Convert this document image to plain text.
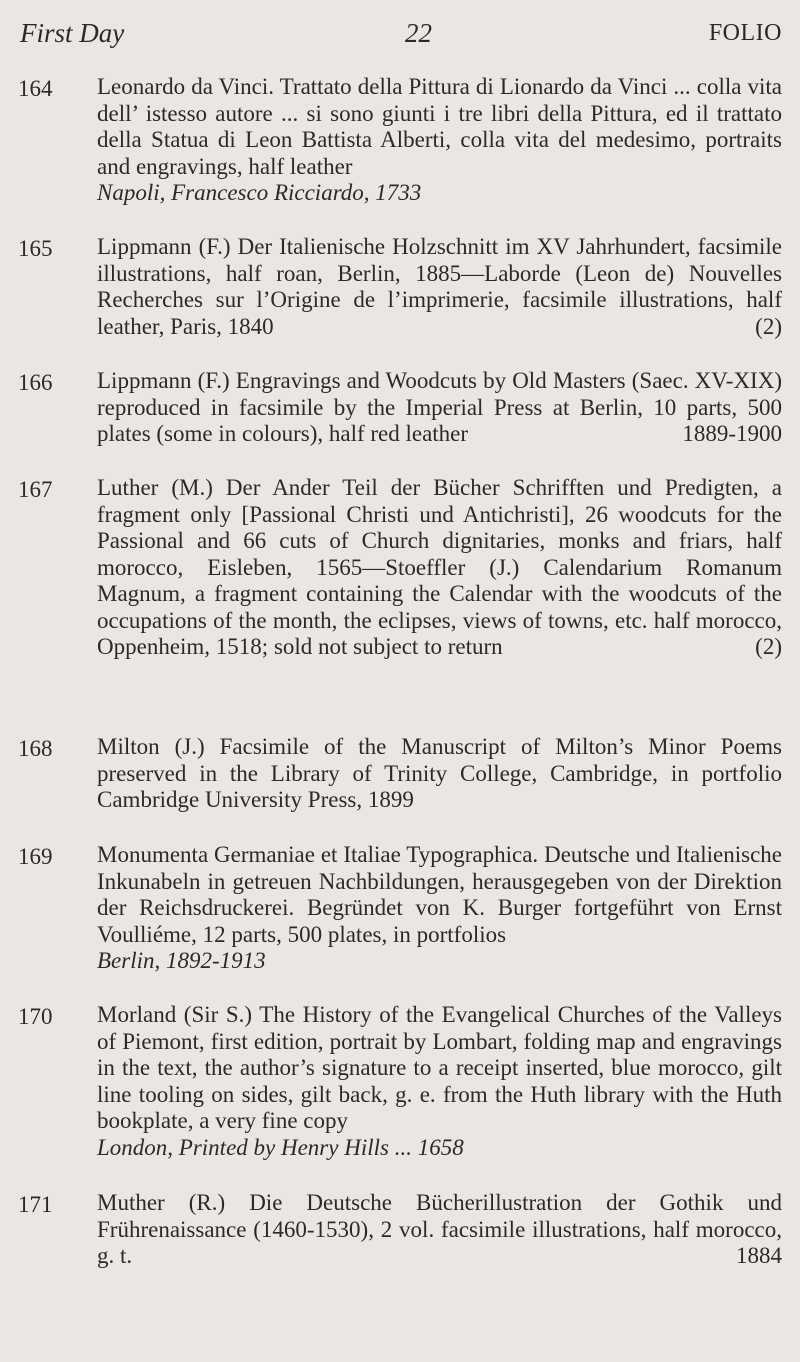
First Day	22	FOLIO
164 Leonardo da Vinci. Trattato della Pittura di Lionardo da Vinci ... colla vita dell’ istesso autore ... si sono giunti i tre libri della Pittura, ed il trattato della Statua di Leon Battista Alberti, colla vita del medesimo, portraits and engravings, half leather
Napoli, Francesco Ricciardo, 1733
165 Lippmann (F.) Der Italienische Holzschnitt im XV Jahrhundert, facsimile illustrations, half roan, Berlin, 1885—Laborde (Leon de) Nouvelles Recherches sur l’Origine de l’imprimerie, facsimile illustrations, half leather, Paris, 1840	(2)
166 Lippmann (F.) Engravings and Woodcuts by Old Masters (Saec. XV-XIX) reproduced in facsimile by the Imperial Press at Berlin, 10 parts, 500 plates (some in colours), half red leather	1889-1900
167 Luther (M.) Der Ander Teil der Bücher Schrifften und Predigten, a fragment only [Passional Christi und Antichristi], 26 woodcuts for the Passional and 66 cuts of Church dignitaries, monks and friars, half morocco, Eisleben, 1565—Stoeffler (J.) Calendarium Romanum Magnum, a fragment containing the Calendar with the woodcuts of the occupations of the month, the eclipses, views of towns, etc. half morocco, Oppenheim, 1518; sold not subject to return	(2)
168 Milton (J.) Facsimile of the Manuscript of Milton’s Minor Poems preserved in the Library of Trinity College, Cambridge, in portfolio Cambridge University Press, 1899
169 Monumenta Germaniae et Italiae Typographica. Deutsche und Italienische Inkunabeln in getreuen Nachbildungen, herausgegeben von der Direktion der Reichsdruckerei. Begründet von K. Burger fortgeführt von Ernst Voulliéme, 12 parts, 500 plates, in portfolios
Berlin, 1892-1913
170 Morland (Sir S.) The History of the Evangelical Churches of the Valleys of Piemont, first edition, portrait by Lombart, folding map and engravings in the text, the author’s signature to a receipt inserted, blue morocco, gilt line tooling on sides, gilt back, g. e. from the Huth library with the Huth bookplate, a very fine copy
London, Printed by Henry Hills ... 1658
171 Muther (R.) Die Deutsche Bücherillustration der Gothik und Frührenaissance (1460-1530), 2 vol. facsimile illustrations, half morocco, g. t.	1884
